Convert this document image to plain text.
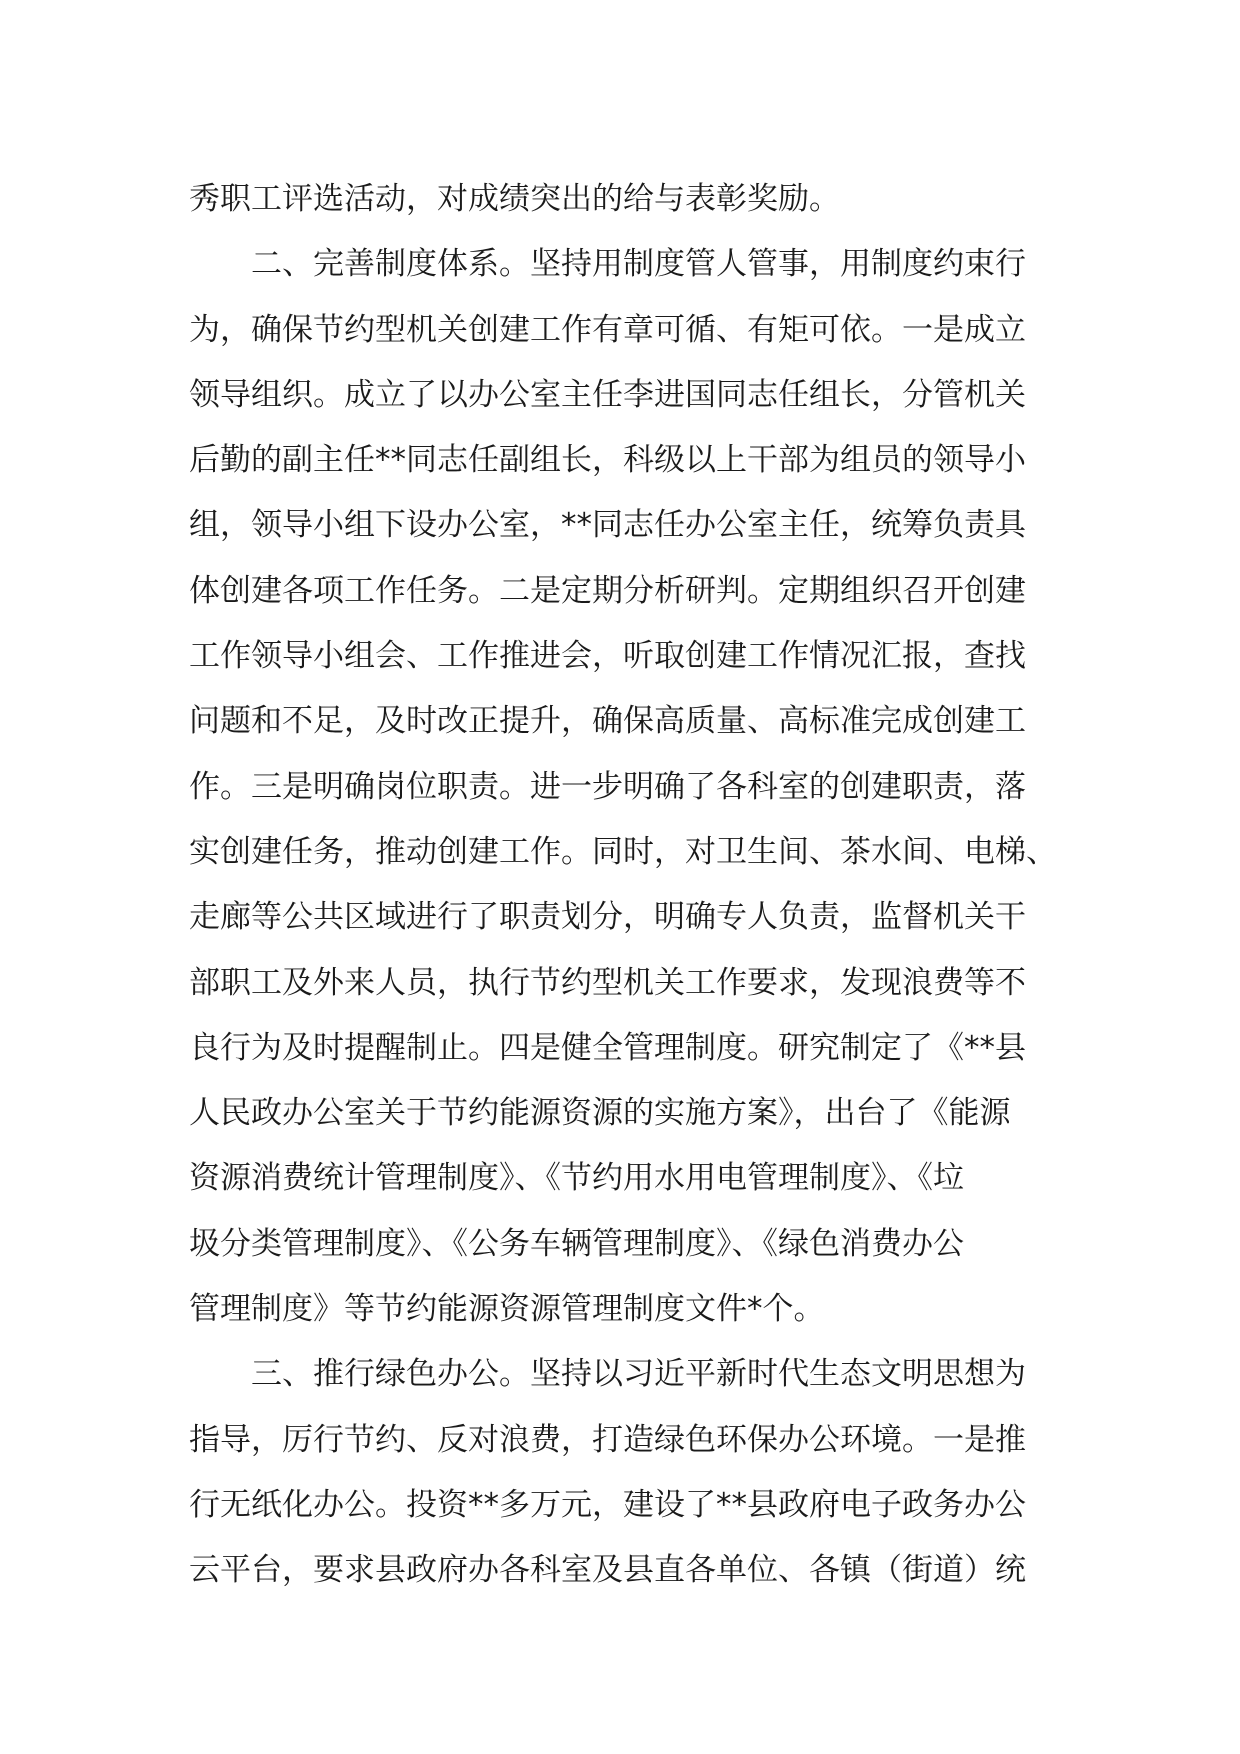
秀职工评选活动，对成绩突出的给与表彰奖励。
二、完善制度体系。坚持用制度管人管事，用制度约束行
为，确保节约型机关创建工作有章可循、有矩可依。一是成立
领导组织。成立了以办公室主任李进国同志任组长，分管机关
后勤的副主任**同志任副组长，科级以上干部为组员的领导小
组，领导小组下设办公室，**同志任办公室主任，统筹负责具
体创建各项工作任务。二是定期分析研判。定期组织召开创建
工作领导小组会、工作推进会，听取创建工作情况汇报，查找
问题和不足，及时改正提升，确保高质量、高标准完成创建工
作。三是明确岗位职责。进一步明确了各科室的创建职责，落
实创建任务，推动创建工作。同时，对卫生间、茶水间、电梯、
走廊等公共区域进行了职责划分，明确专人负责，监督机关干
部职工及外来人员，执行节约型机关工作要求，发现浪费等不
良行为及时提醒制止。四是健全管理制度。研究制定了《**县
人民政办公室关于节约能源资源的实施方案》，出台了《能源
资源消费统计管理制度》、《节约用水用电管理制度》、《垃
圾分类管理制度》、《公务车辆管理制度》、《绿色消费办公
管理制度》等节约能源资源管理制度文件*个。
三、推行绿色办公。坚持以习近平新时代生态文明思想为
指导，厉行节约、反对浪费，打造绿色环保办公环境。一是推
行无纸化办公。投资**多万元，建设了**县政府电子政务办公
云平台，要求县政府办各科室及县直各单位、各镇（街道）统
